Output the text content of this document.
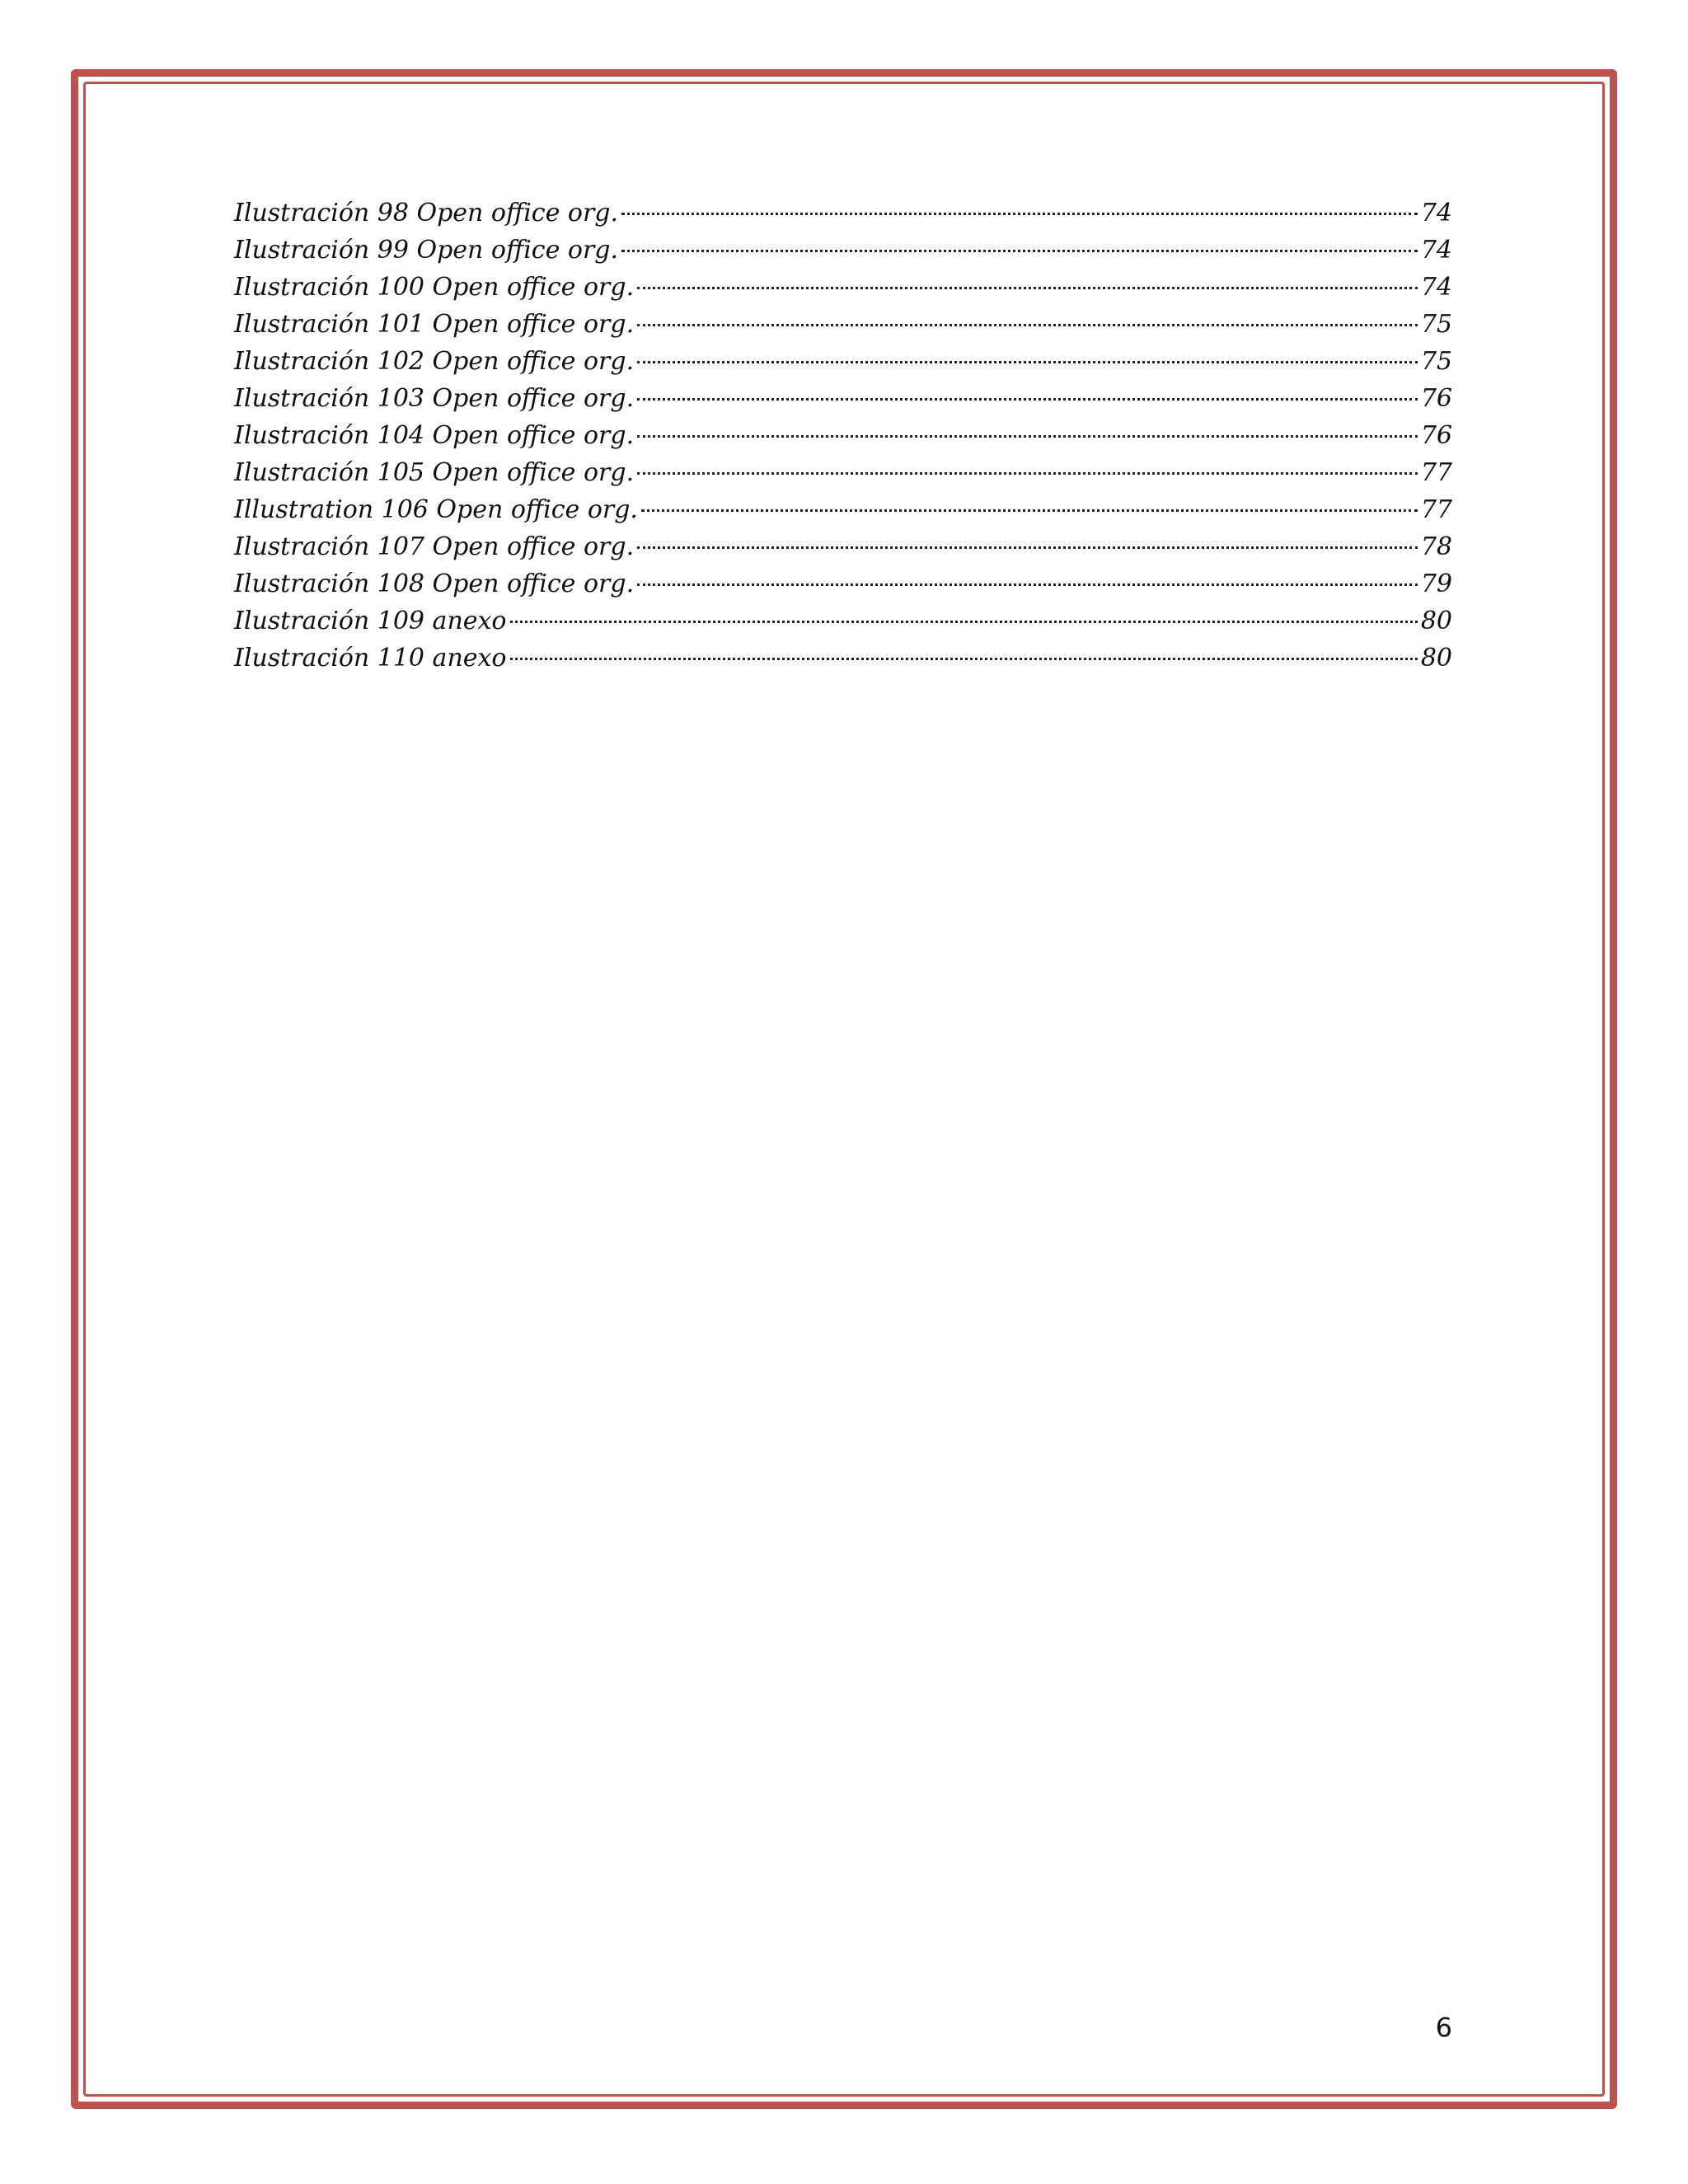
Ilustración 98 Open office org.	74
Ilustración 99 Open office org.	74
Ilustración 100 Open office org.	74
Ilustración 101 Open office org.	75
Ilustración 102 Open office org.	75
Ilustración 103 Open office org.	76
Ilustración 104 Open office org.	76
Ilustración 105 Open office org.	77
Illustration 106 Open office org.	77
Ilustración 107 Open office org.	78
Ilustración 108 Open office org.	79
Ilustración 109 anexo	80
Ilustración 110 anexo	80
6
